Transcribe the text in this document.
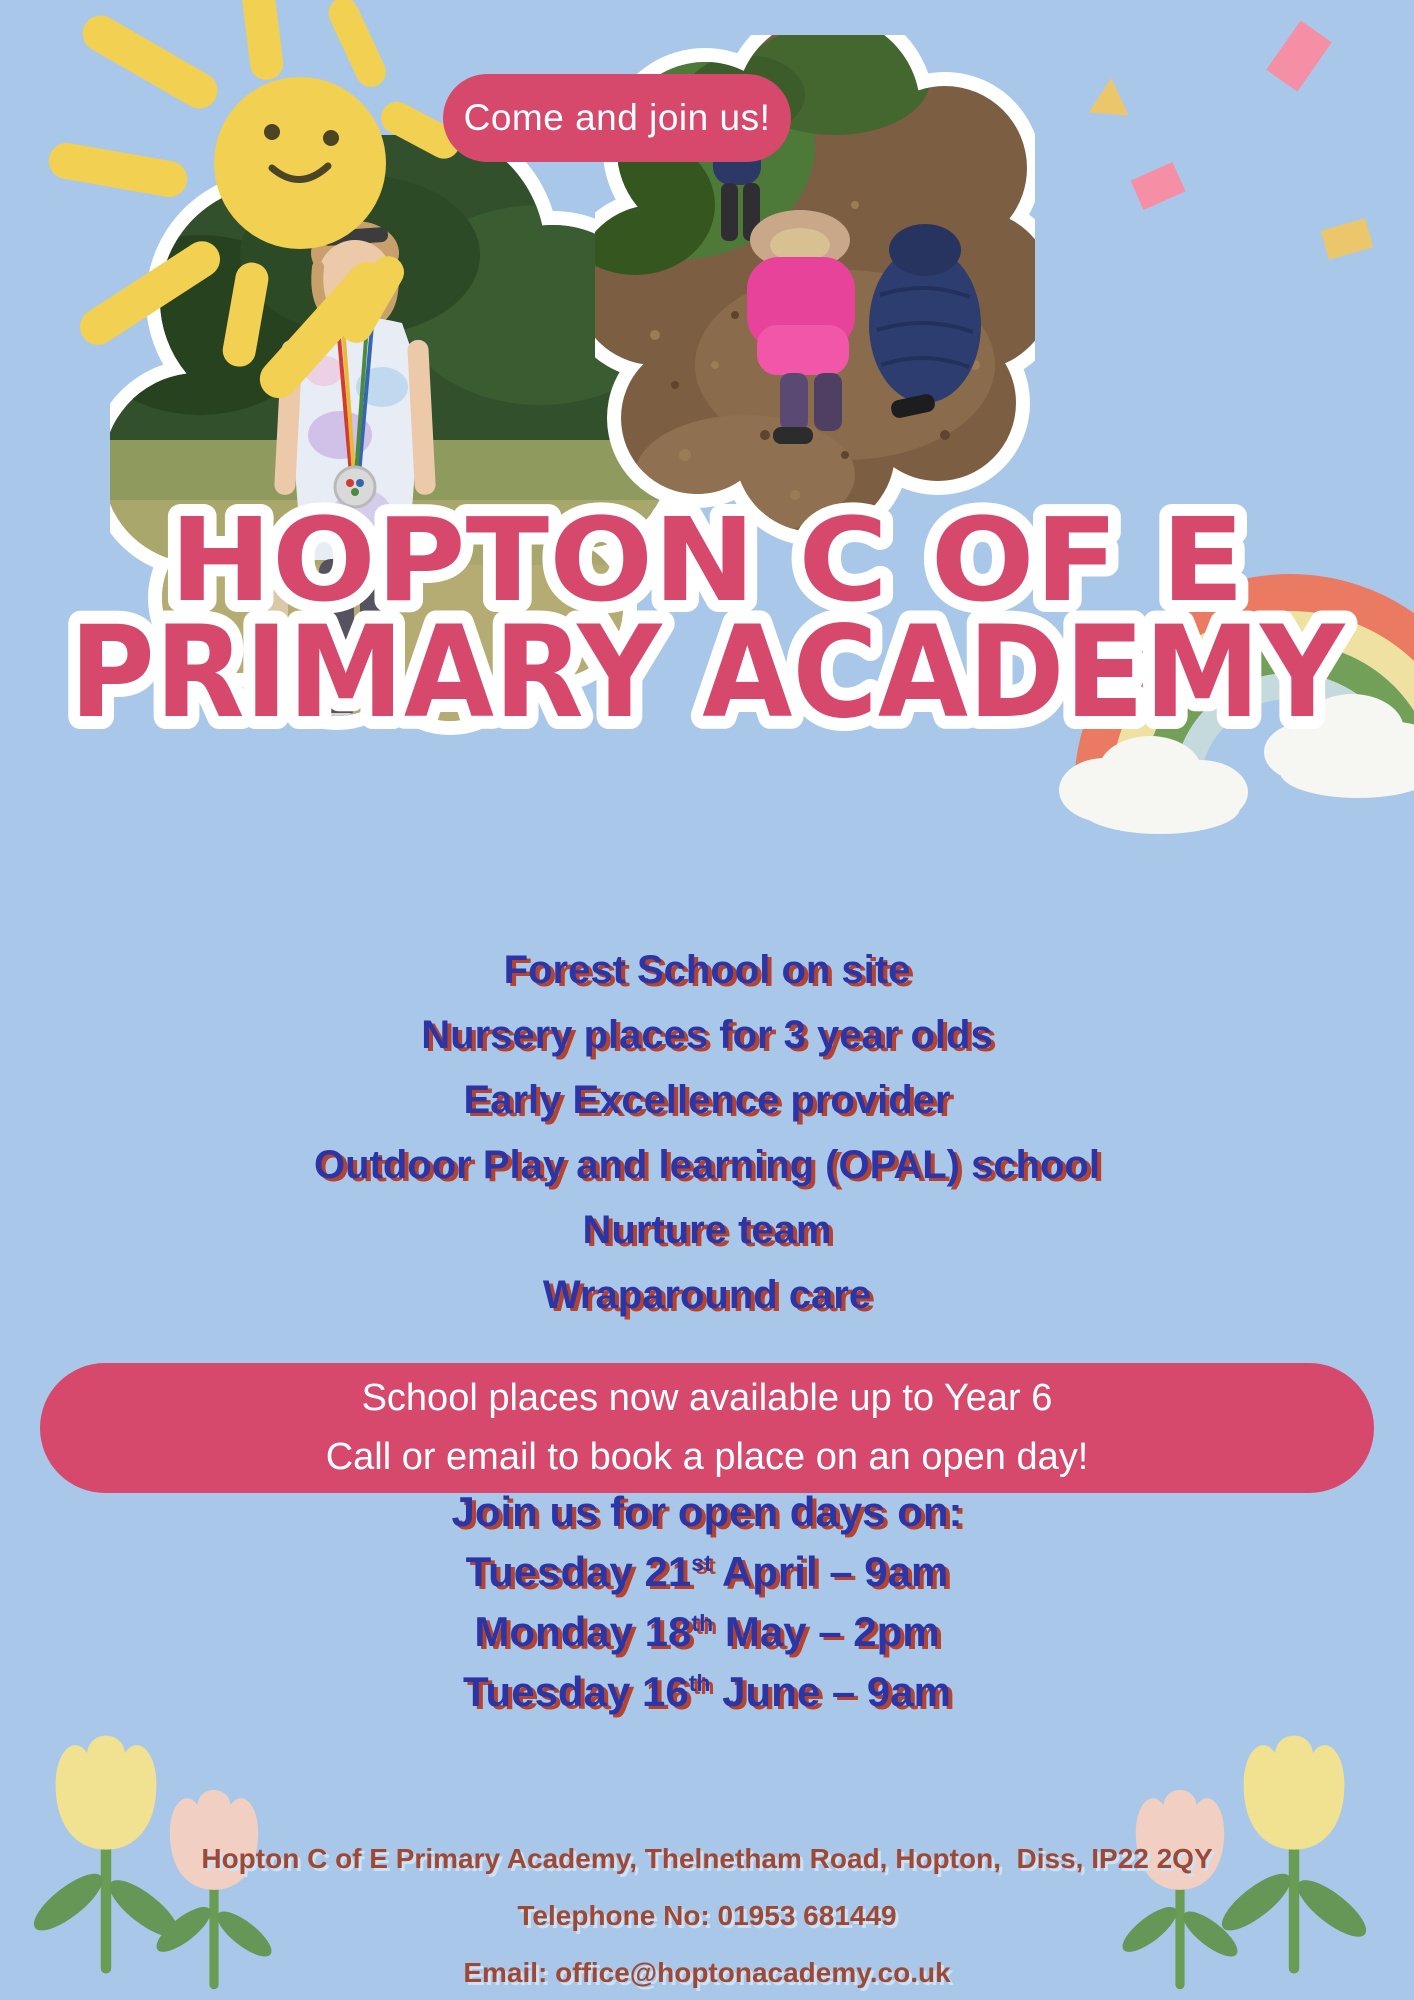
Come and join us!
HOPTON C OF E
PRIMARY ACADEMY
Forest School on site
Nursery places for 3 year olds
Early Excellence provider
Outdoor Play and learning (OPAL) school
Nurture team
Wraparound care
School places now available up to Year 6
Call or email to book a place on an open day!
Join us for open days on:
Tuesday 21st April – 9am
Monday 18th May – 2pm
Tuesday 16th June – 9am
Hopton C of E Primary Academy, Thelnetham Road, Hopton,  Diss, IP22 2QY
Telephone No: 01953 681449
Email: office@hoptonacademy.co.uk
